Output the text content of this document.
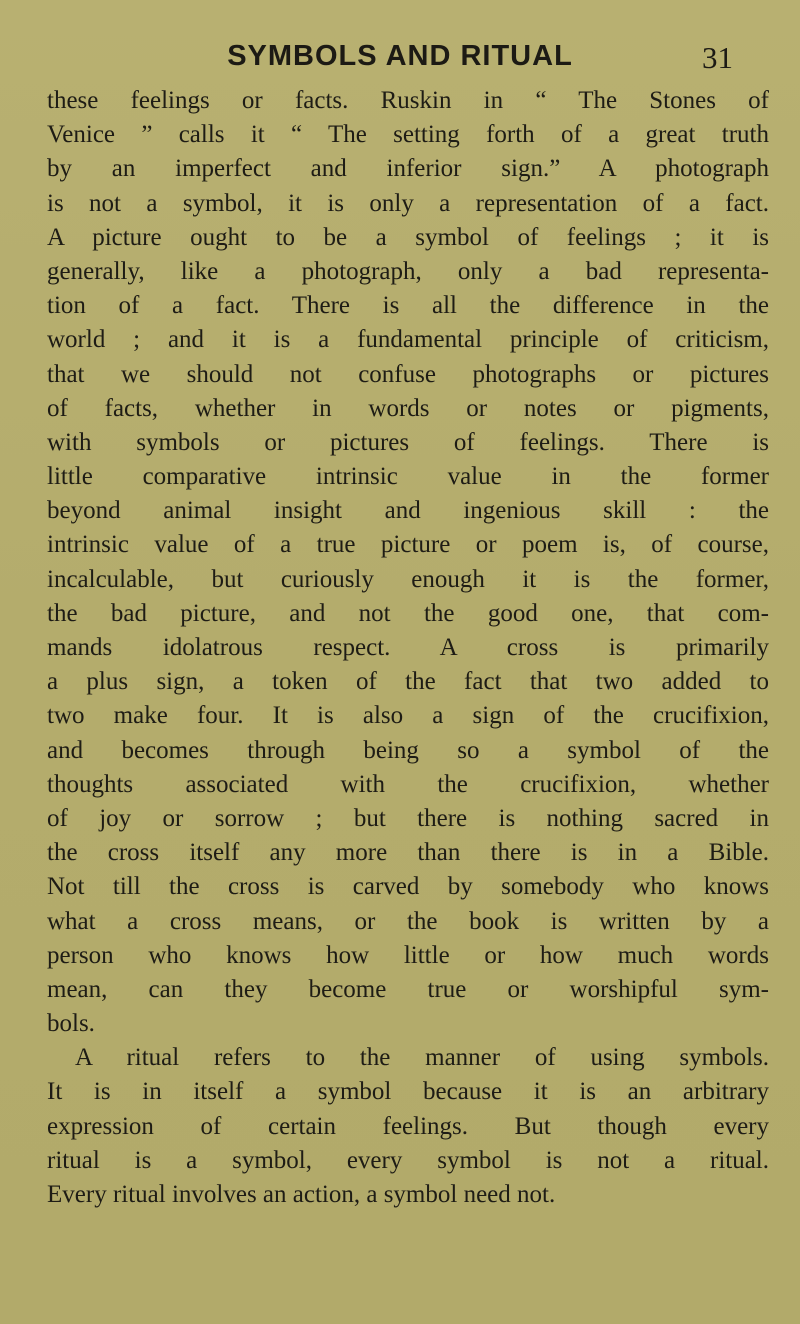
SYMBOLS AND RITUAL	31
these feelings or facts. Ruskin in “ The Stones of
Venice ” calls it “ The setting forth of a great truth
by an imperfect and inferior sign.” A photograph
is not a symbol, it is only a representation of a fact.
A picture ought to be a symbol of feelings ; it is
generally, like a photograph, only a bad representa-
tion of a fact. There is all the difference in the
world ; and it is a fundamental principle of criticism,
that we should not confuse photographs or pictures
of facts, whether in words or notes or pigments,
with symbols or pictures of feelings. There is
little comparative intrinsic value in the former
beyond animal insight and ingenious skill : the
intrinsic value of a true picture or poem is, of course,
incalculable, but curiously enough it is the former,
the bad picture, and not the good one, that com-
mands idolatrous respect. A cross is primarily
a plus sign, a token of the fact that two added to
two make four. It is also a sign of the crucifixion,
and becomes through being so a symbol of the
thoughts associated with the crucifixion, whether
of joy or sorrow ; but there is nothing sacred in
the cross itself any more than there is in a Bible.
Not till the cross is carved by somebody who knows
what a cross means, or the book is written by a
person who knows how little or how much words
mean, can they become true or worshipful sym-
bols.
A ritual refers to the manner of using symbols.
It is in itself a symbol because it is an arbitrary
expression of certain feelings. But though every
ritual is a symbol, every symbol is not a ritual.
Every ritual involves an action, a symbol need not.
